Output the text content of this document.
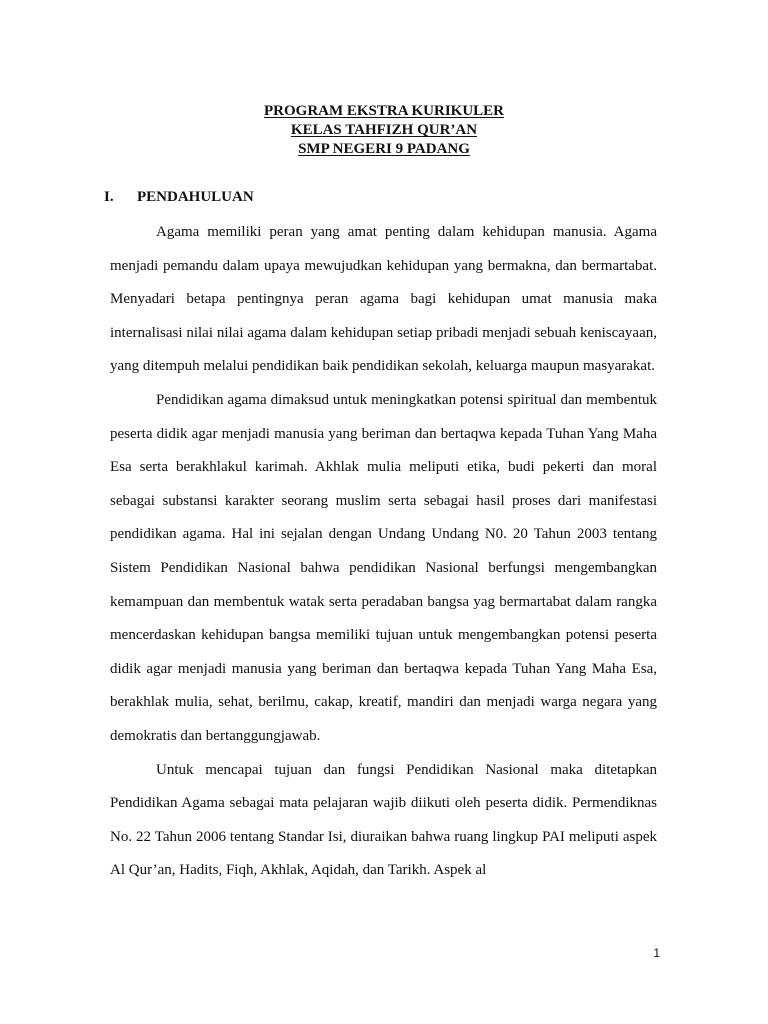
PROGRAM EKSTRA KURIKULER
KELAS TAHFIZH QUR’AN
SMP NEGERI 9 PADANG
I. PENDAHULUAN

Agama memiliki peran yang amat penting dalam kehidupan manusia. Agama menjadi pemandu dalam upaya mewujudkan kehidupan yang bermakna, dan bermartabat. Menyadari betapa pentingnya peran agama bagi kehidupan umat manusia maka internalisasi nilai nilai agama dalam kehidupan setiap pribadi menjadi sebuah keniscayaan, yang ditempuh melalui pendidikan baik pendidikan sekolah, keluarga maupun masyarakat.

Pendidikan agama dimaksud untuk meningkatkan potensi spiritual dan membentuk peserta didik agar menjadi manusia yang beriman dan bertaqwa kepada Tuhan Yang Maha Esa serta berakhlakul karimah. Akhlak mulia meliputi etika, budi pekerti dan moral sebagai substansi karakter seorang muslim serta sebagai hasil proses dari manifestasi pendidikan agama. Hal ini sejalan dengan Undang Undang N0. 20 Tahun 2003 tentang Sistem Pendidikan Nasional bahwa pendidikan Nasional berfungsi mengembangkan kemampuan dan membentuk watak serta peradaban bangsa yag bermartabat dalam rangka mencerdaskan kehidupan bangsa memiliki tujuan untuk mengembangkan potensi peserta didik agar menjadi manusia yang beriman dan bertaqwa kepada Tuhan Yang Maha Esa, berakhlak mulia, sehat, berilmu, cakap, kreatif, mandiri dan menjadi warga negara yang demokratis dan bertanggungjawab.

Untuk mencapai tujuan dan fungsi Pendidikan Nasional maka ditetapkan Pendidikan Agama sebagai mata pelajaran wajib diikuti oleh peserta didik. Permendiknas No. 22 Tahun 2006 tentang Standar Isi, diuraikan bahwa ruang lingkup PAI meliputi aspek Al Qur’an, Hadits, Fiqh, Akhlak, Aqidah, dan Tarikh. Aspek al

1
